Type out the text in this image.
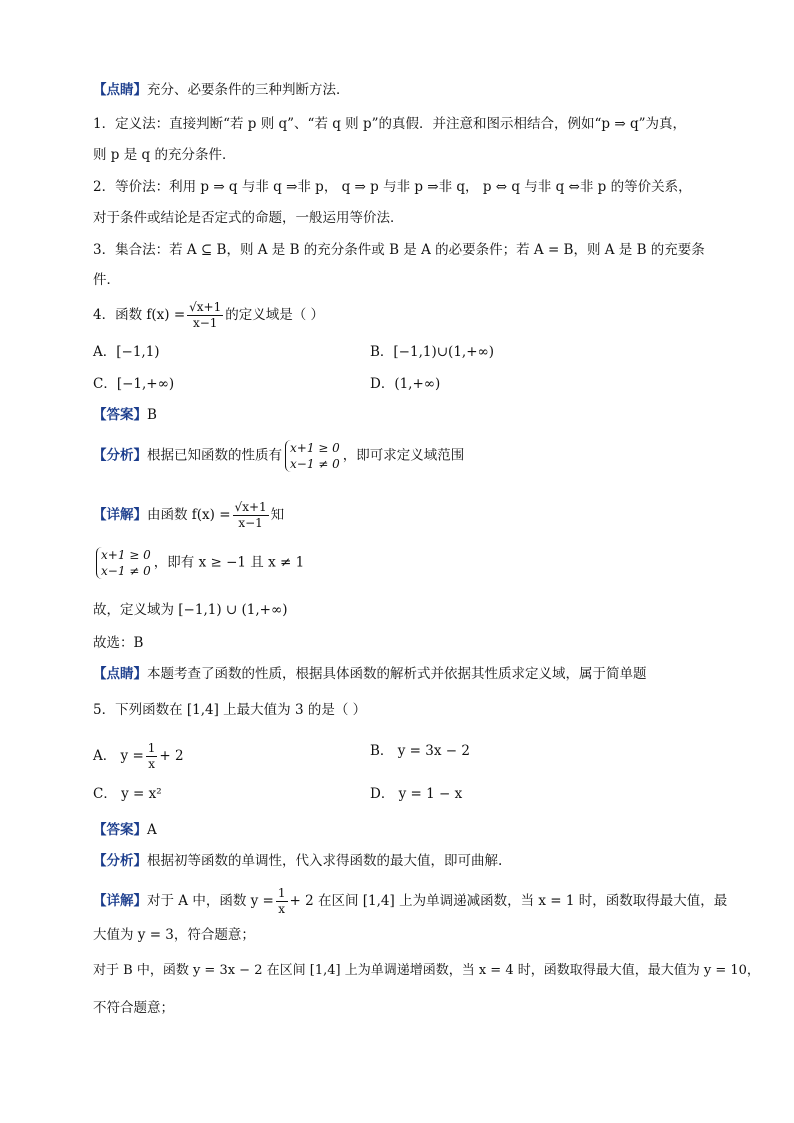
【点睛】充分、必要条件的三种判断方法．
1．定义法：直接判断“若 p 则 q”、“若 q 则 p”的真假．并注意和图示相结合，例如“p ⇒ q”为真，
则 p 是 q 的充分条件．
2．等价法：利用 p ⇒ q 与非 q ⇒非 p， q ⇒ p 与非 p ⇒非 q， p ⇔ q 与非 q ⇔非 p 的等价关系，
对于条件或结论是否定式的命题，一般运用等价法．
3．集合法：若 A ⊆ B，则 A 是 B 的充分条件或 B 是 A 的必要条件；若 A = B，则 A 是 B 的充要条
件．
4．函数 $f(x) = \frac{√x+1}{x-1}$ 的定义域是（ ）
A．[−1,1)	B．[−1,1)∪(1,+∞)
C．[−1,+∞)	D．(1,+∞)
【答案】B
【分析】根据已知函数的性质有 x+1 ≥ 0
x−1 ≠ 0
，即可求定义域范围
【详解】由函数 $f(x) = \frac{√x+1}{x-1}$ 知
x+1 ≥ 0
x−1 ≠ 0
，即有 x ≥ −1 且 x ≠ 1
故，定义域为 [−1,1) ∪ (1,+∞)
故选：B
【点睛】本题考查了函数的性质，根据具体函数的解析式并依据其性质求定义域，属于简单题
5．下列函数在 [1,4] 上最大值为 3 的是（ ）
A． $y = \frac{1}{x} + 2$	B． y = 3x − 2
C． y = x²	D． y = 1 − x
【答案】A
【分析】根据初等函数的单调性，代入求得函数的最大值，即可曲解.
【详解】对于 A 中，函数 $y = \frac{1}{x} + 2$ 在区间 [1,4] 上为单调递减函数，当 x = 1 时，函数取得最大值，最
大值为 y = 3，符合题意；
对于 B 中，函数 y = 3x − 2 在区间 [1,4] 上为单调递增函数，当 x = 4 时，函数取得最大值，最大值为 y = 10，
不符合题意；
